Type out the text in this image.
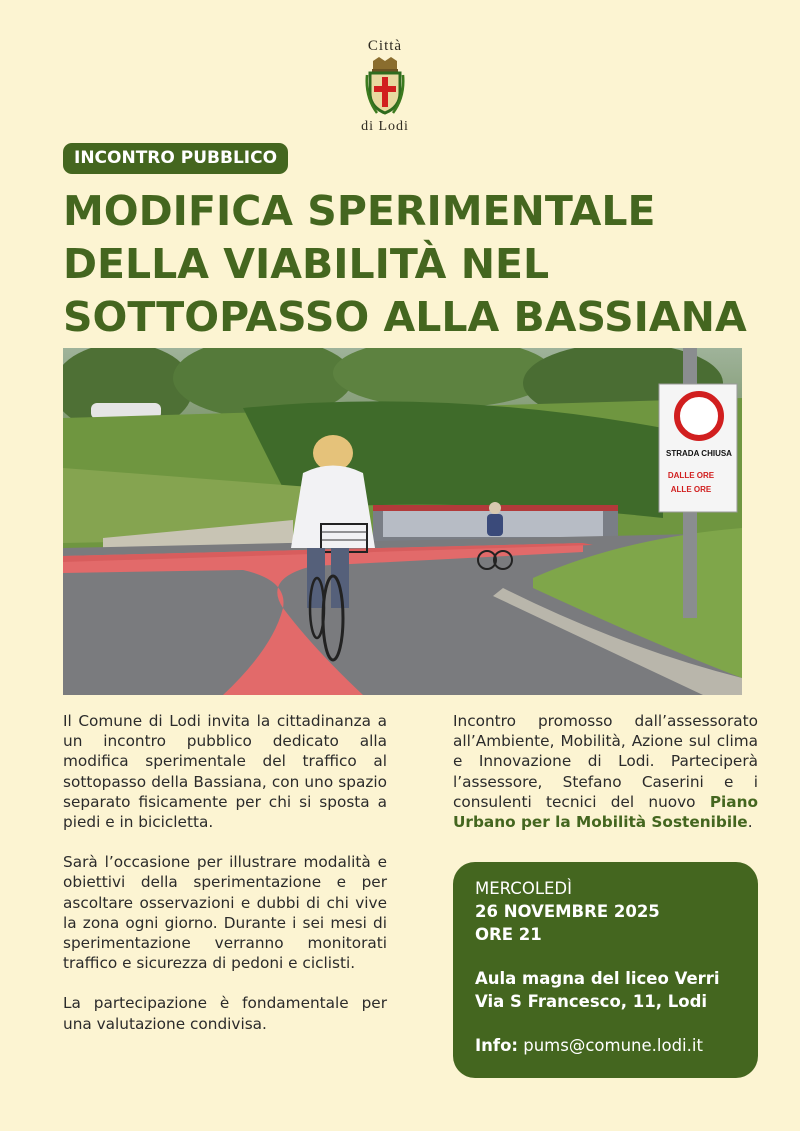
Città
di Lodi
INCONTRO PUBBLICO
MODIFICA SPERIMENTALE
DELLA VIABILITÀ NEL
SOTTOPASSO ALLA BASSIANA
STRADA CHIUSA
DALLE ORE
ALLE ORE

Il Comune di Lodi invita la cittadinanza a un incontro pubblico dedicato alla modifica sperimentale del traffico al sottopasso della Bassiana, con uno spazio separato fisicamente per chi si sposta a piedi e in bicicletta.

Sarà l’occasione per illustrare modalità e obiettivi della sperimentazione e per ascoltare osservazioni e dubbi di chi vive la zona ogni giorno. Durante i sei mesi di sperimentazione verranno monitorati traffico e sicurezza di pedoni e ciclisti.

La partecipazione è fondamentale per una valutazione condivisa.

Incontro promosso dall’assessorato all’Ambiente, Mobilità, Azione sul clima e Innovazione di Lodi. Parteciperà l’assessore, Stefano Caserini e i consulenti tecnici del nuovo Piano Urbano per la Mobilità Sostenibile.
MERCOLEDÌ
26 NOVEMBRE 2025
ORE 21
Aula magna del liceo Verri
Via S Francesco, 11, Lodi
Info: pums@comune.lodi.it
